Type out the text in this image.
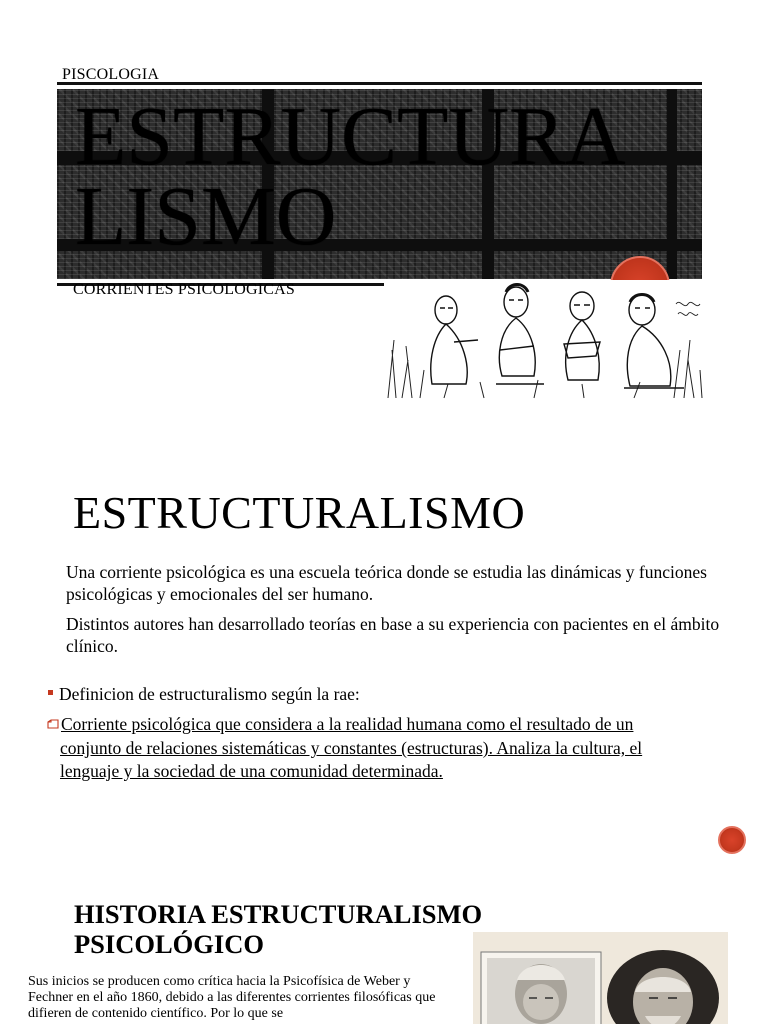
PISCOLOGIA
ESTRUCTURA
LISMO
CORRIENTES PSICOLOGICAS
ESTRUCTURALISMO

Una corriente psicológica es una escuela teórica donde se estudia las dinámicas y funciones psicológicas y emocionales del ser humano.

Distintos autores han desarrollado teorías en base a su experiencia con pacientes en el ámbito clínico.

Definicion de estructuralismo según la rae:
Corriente psicológica que considera a la realidad humana como el resultado de un
conjunto de relaciones sistemáticas y constantes (estructuras). Analiza la cultura, el
lenguaje y la sociedad de una comunidad determinada.
HISTORIA ESTRUCTURALISMO
PSICOLÓGICO

Sus inicios se producen como crítica hacia la Psicofísica de Weber y Fechner en el año 1860, debido a las diferentes corrientes filosóficas que difieren de contenido científico. Por lo que se
